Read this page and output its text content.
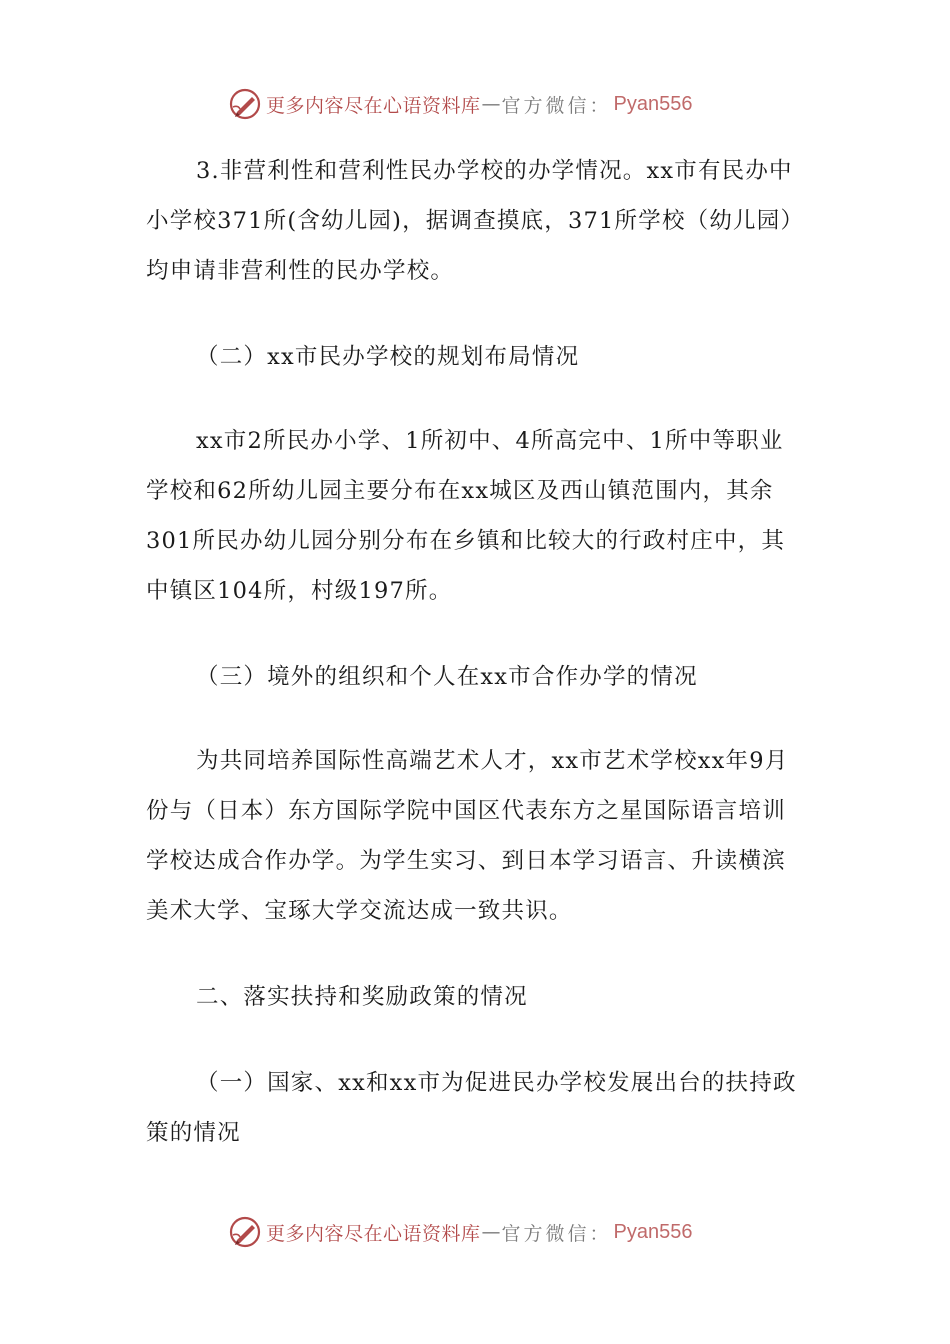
更多内容尽在心语资料库 — 官方微信： Pyan556

3.非营利性和营利性民办学校的办学情况。xx市有民办中小学校371所(含幼儿园)，据调查摸底，371所学校（幼儿园）均申请非营利性的民办学校。

（二）xx市民办学校的规划布局情况

xx市2所民办小学、1所初中、4所高完中、1所中等职业学校和62所幼儿园主要分布在xx城区及西山镇范围内，其余301所民办幼儿园分别分布在乡镇和比较大的行政村庄中，其中镇区104所，村级197所。

（三）境外的组织和个人在xx市合作办学的情况

为共同培养国际性高端艺术人才，xx市艺术学校xx年9月份与（日本）东方国际学院中国区代表东方之星国际语言培训学校达成合作办学。为学生实习、到日本学习语言、升读横滨美术大学、宝琢大学交流达成一致共识。

二、落实扶持和奖励政策的情况

（一）国家、xx和xx市为促进民办学校发展出台的扶持政策的情况

更多内容尽在心语资料库 — 官方微信： Pyan556
